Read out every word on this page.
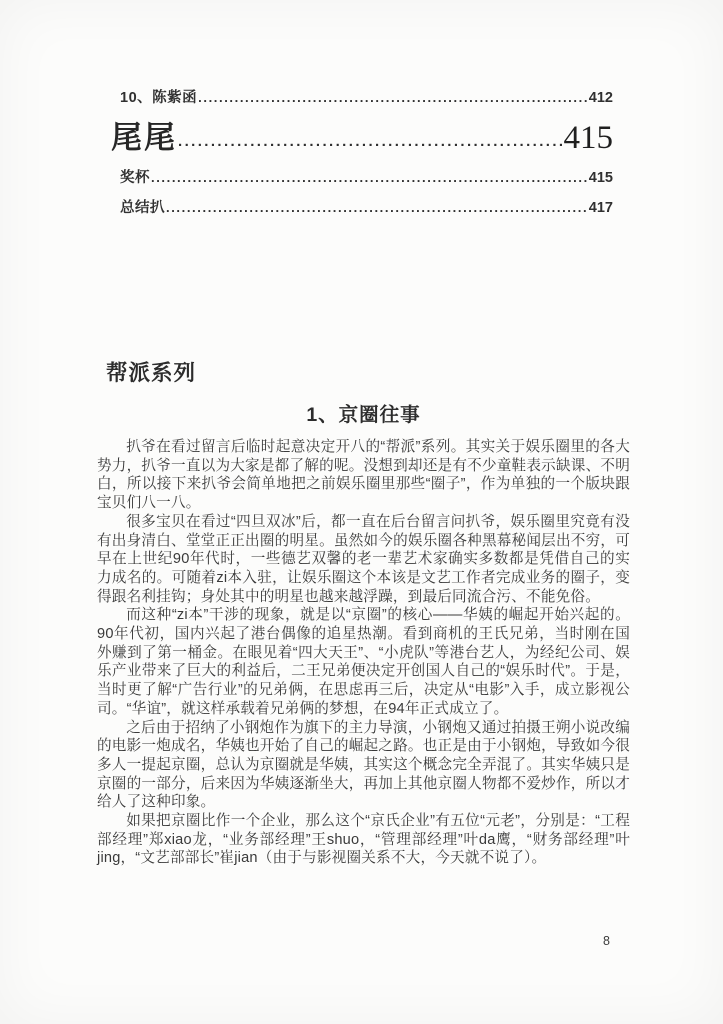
10、陈紫函 .....	412
尾尾 .....	415
奖杯 .....	415
总结扒 .....	417
帮派系列
1、京圈往事

扒爷在看过留言后临时起意决定开八的“帮派”系列。其实关于娱乐圈里的各大势力，扒爷一直以为大家是都了解的呢。没想到却还是有不少童鞋表示缺课、不明白，所以接下来扒爷会简单地把之前娱乐圈里那些“圈子”，作为单独的一个版块跟宝贝们八一八。

很多宝贝在看过“四旦双冰”后，都一直在后台留言问扒爷，娱乐圈里究竟有没有出身清白、堂堂正正出圈的明星。虽然如今的娱乐圈各种黑幕秘闻层出不穷，可早在上世纪90年代时，一些德艺双馨的老一辈艺术家确实多数都是凭借自己的实力成名的。可随着zi本入驻，让娱乐圈这个本该是文艺工作者完成业务的圈子，变得跟名利挂钩；身处其中的明星也越来越浮躁，到最后同流合污、不能免俗。

而这种“zi本”干涉的现象，就是以“京圈”的核心——华姨的崛起开始兴起的。90年代初，国内兴起了港台偶像的追星热潮。看到商机的王氏兄弟，当时刚在国外赚到了第一桶金。在眼见着“四大天王”、“小虎队”等港台艺人，为经纪公司、娱乐产业带来了巨大的利益后，二王兄弟便决定开创国人自己的“娱乐时代”。于是，当时更了解“广告行业”的兄弟俩，在思虑再三后，决定从“电影”入手，成立影视公司。“华谊”，就这样承载着兄弟俩的梦想，在94年正式成立了。

之后由于招纳了小钢炮作为旗下的主力导演，小钢炮又通过拍摄王朔小说改编的电影一炮成名，华姨也开始了自己的崛起之路。也正是由于小钢炮，导致如今很多人一提起京圈，总认为京圈就是华姨，其实这个概念完全弄混了。其实华姨只是京圈的一部分，后来因为华姨逐渐坐大，再加上其他京圈人物都不爱炒作，所以才给人了这种印象。

如果把京圈比作一个企业，那么这个“京氏企业”有五位“元老”，分别是：“工程部经理”郑xiao龙，“业务部经理”王shuo，“管理部经理”叶da鹰，“财务部经理”叶jing，“文艺部部长”崔jian（由于与影视圈关系不大，今天就不说了）。

8
